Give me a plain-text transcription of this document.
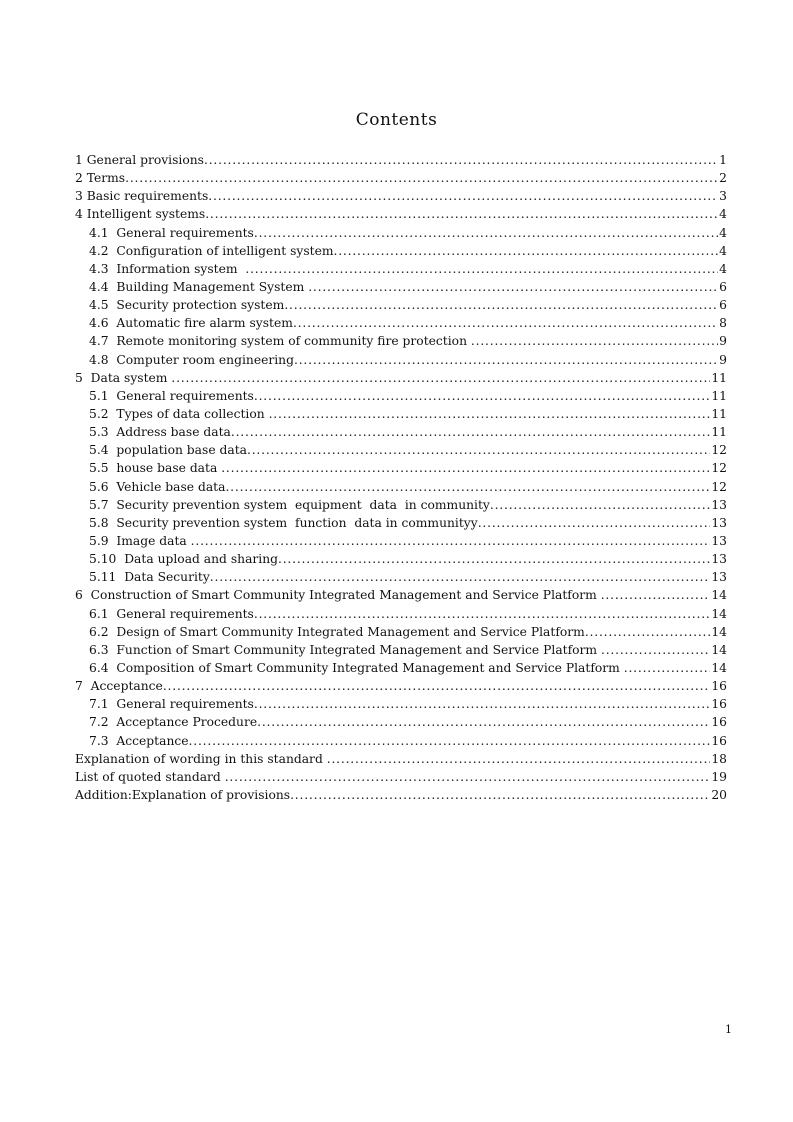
Contents
1 General provisions .....	1
2 Terms .....	2
3 Basic requirements .....	3
4 Intelligent systems .....	4
4.1  General requirements .....	4
4.2  Configuration of intelligent system .....	4
4.3  Information system .....	4
4.4  Building Management System .....	6
4.5  Security protection system .....	6
4.6  Automatic fire alarm system .....	8
4.7  Remote monitoring system of community fire protection .....	9
4.8  Computer room engineering .....	9
5  Data system .....	11
5.1  General requirements .....	11
5.2  Types of data collection .....	11
5.3  Address base data .....	11
5.4  population base data .....	12
5.5  house base data .....	12
5.6  Vehicle base data .....	12
5.7  Security prevention system  equipment  data  in community .....	13
5.8  Security prevention system  function  data in communityy .....	13
5.9  Image data .....	13
5.10  Data upload and sharing .....	13
5.11  Data Security .....	13
6  Construction of Smart Community Integrated Management and Service Platform .....	14
6.1  General requirements .....	14
6.2  Design of Smart Community Integrated Management and Service Platform .....	14
6.3  Function of Smart Community Integrated Management and Service Platform .....	14
6.4  Composition of Smart Community Integrated Management and Service Platform .....	14
7  Acceptance .....	16
7.1  General requirements .....	16
7.2  Acceptance Procedure .....	16
7.3  Acceptance .....	16
Explanation of wording in this standard .....	18
List of quoted standard .....	19
Addition:Explanation of provisions .....	20
1
